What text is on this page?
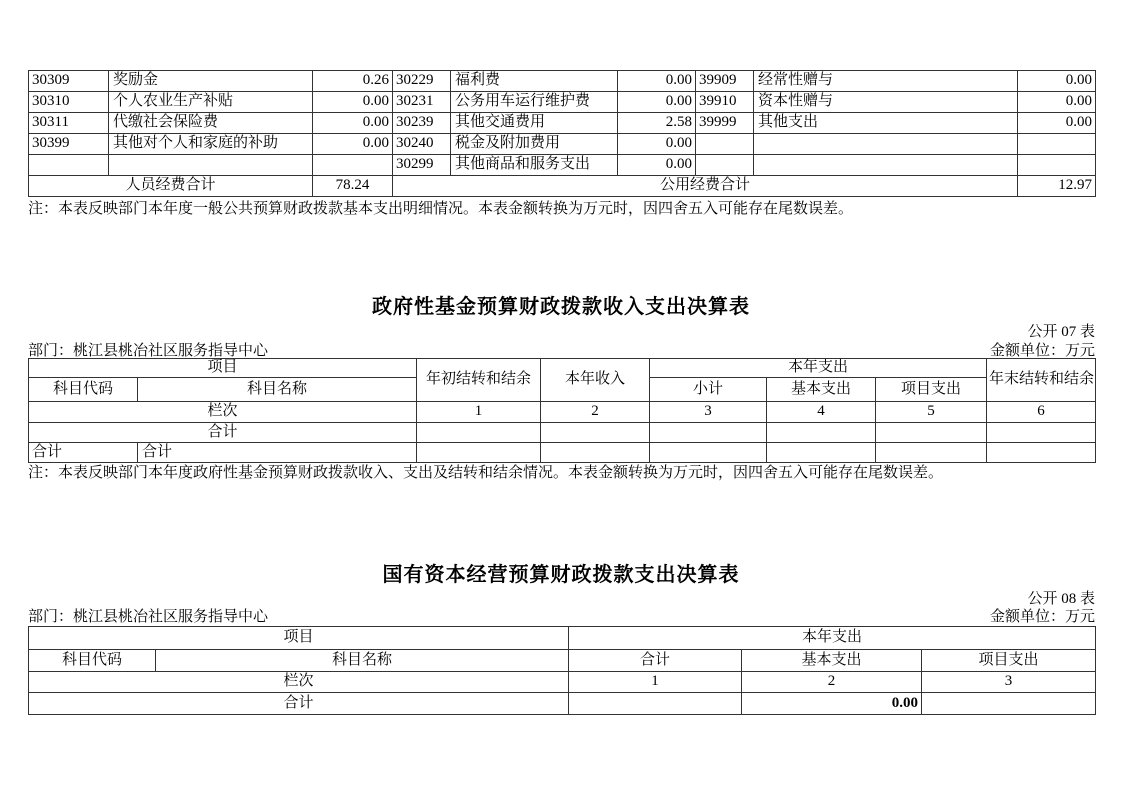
30309	奖励金	0.26	30229	福利费	0.00	39909	经常性赠与	0.00
30310	个人农业生产补贴	0.00	30231	公务用车运行维护费	0.00	39910	资本性赠与	0.00
30311	代缴社会保险费	0.00	30239	其他交通费用	2.58	39999	其他支出	0.00
30399	其他对个人和家庭的补助	0.00	30240	税金及附加费用	0.00			
			30299	其他商品和服务支出	0.00			
人员经费合计		78.24	公用经费合计					12.97
注：本表反映部门本年度一般公共预算财政拨款基本支出明细情况。本表金额转换为万元时，因四舍五入可能存在尾数误差。
政府性基金预算财政拨款收入支出决算表
公开 07 表
部门：桃江县桃冶社区服务指导中心	金额单位：万元
项目		年初结转和结余	本年收入	本年支出			年末结转和结余
科目代码	科目名称			小计	基本支出	项目支出	
栏次		1	2	3	4	5	6
合计							
合计	合计						
注：本表反映部门本年度政府性基金预算财政拨款收入、支出及结转和结余情况。本表金额转换为万元时，因四舍五入可能存在尾数误差。
国有资本经营预算财政拨款支出决算表
公开 08 表
部门：桃江县桃冶社区服务指导中心	金额单位：万元
项目		本年支出		
科目代码	科目名称	合计	基本支出	项目支出
栏次		1	2	3
合计			0.00	
